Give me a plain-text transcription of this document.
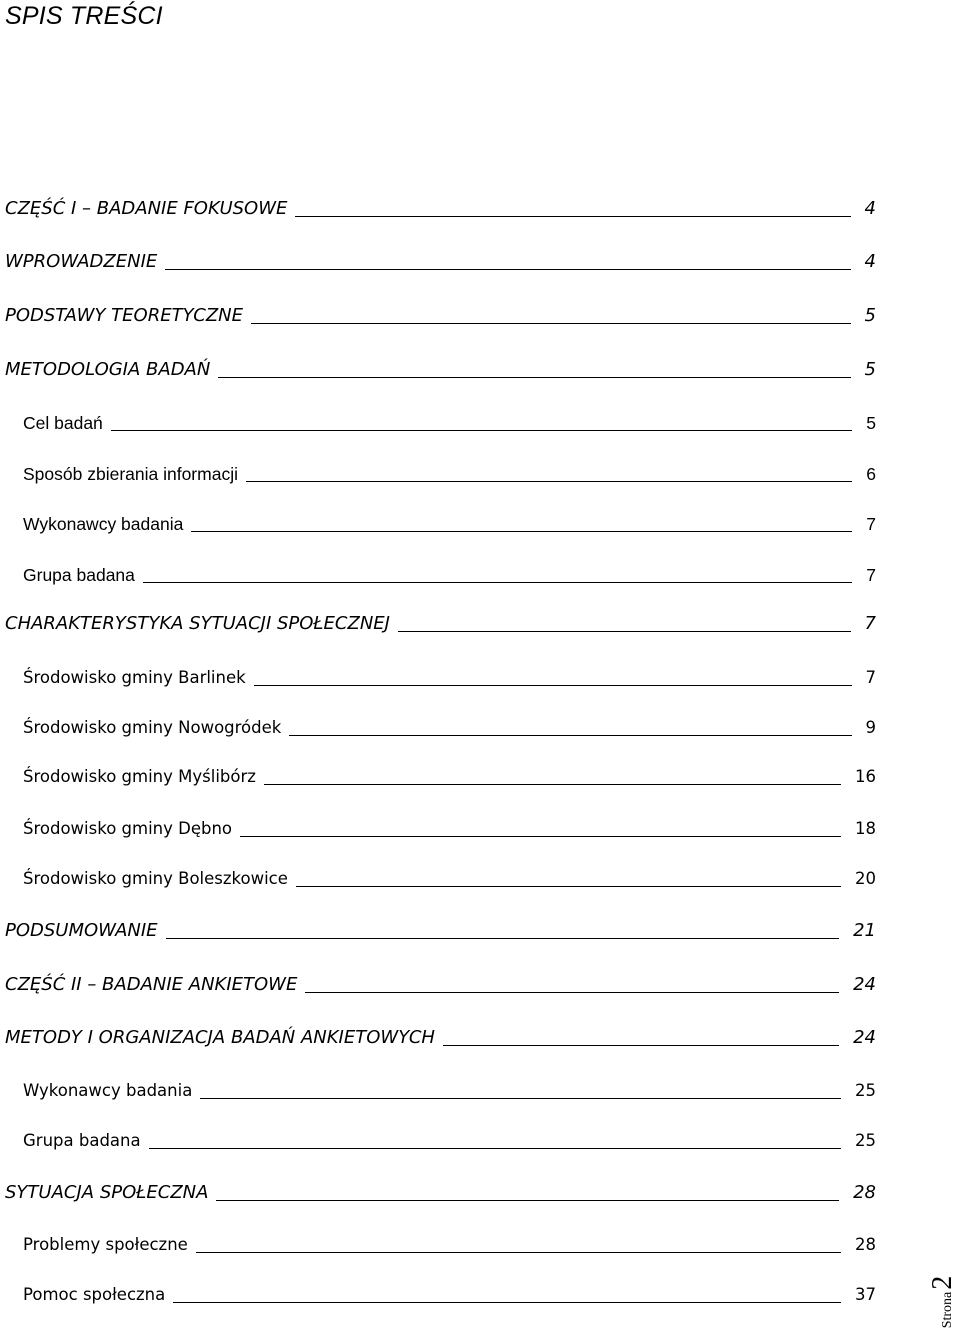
SPIS TREŚCI
CZĘŚĆ I – BADANIE FOKUSOWE	4
WPROWADZENIE	4
PODSTAWY TEORETYCZNE	5
METODOLOGIA BADAŃ	5
Cel badań	5
Sposób zbierania informacji	6
Wykonawcy badania	7
Grupa badana	7
CHARAKTERYSTYKA SYTUACJI SPOŁECZNEJ	7
Środowisko gminy Barlinek	7
Środowisko gminy Nowogródek	9
Środowisko gminy Myślibórz	16
Środowisko gminy Dębno	18
Środowisko gminy Boleszkowice	20
PODSUMOWANIE	21
CZĘŚĆ II – BADANIE ANKIETOWE	24
METODY I ORGANIZACJA BADAŃ ANKIETOWYCH	24
Wykonawcy badania	25
Grupa badana	25
SYTUACJA SPOŁECZNA	28
Problemy społeczne	28
Pomoc społeczna	37	Strona
2
